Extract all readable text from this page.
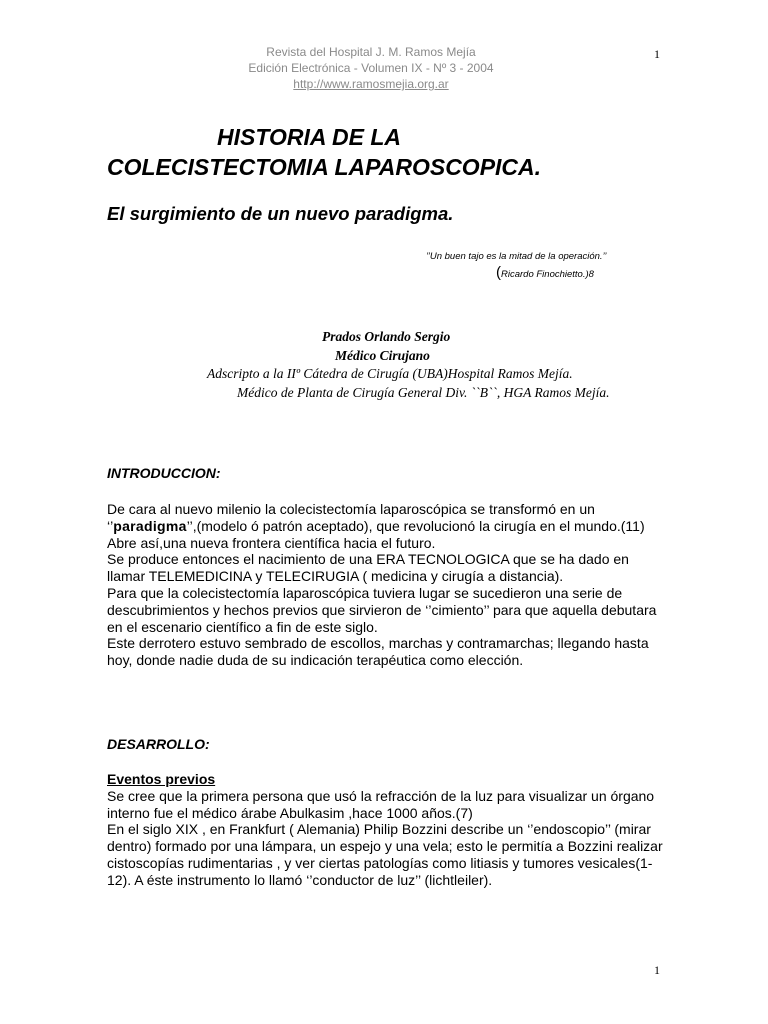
Revista del Hospital J. M. Ramos Mejía
Edición Electrónica - Volumen IX - Nº 3 - 2004
http://www.ramosmejia.org.ar
1
HISTORIA DE LA
COLECISTECTOMIA LAPAROSCOPICA.
El surgimiento de un nuevo paradigma.
’’Un buen tajo es la mitad de la operación.’’
(Ricardo Finochietto.)8
Prados Orlando Sergio
Médico Cirujano
Adscripto a la IIº Cátedra de Cirugía (UBA)Hospital Ramos Mejía.
Médico de Planta de Cirugía General Div. ``B``, HGA Ramos Mejía.
INTRODUCCION:

De cara al nuevo milenio la colecistectomía laparoscópica se transformó en un ‘’paradigma’’,(modelo ó patrón aceptado), que revolucionó la cirugía en el mundo.(11)

Abre así,una nueva frontera científica hacia el futuro.

Se produce entonces el nacimiento de una ERA TECNOLOGICA que se ha dado en llamar TELEMEDICINA y TELECIRUGIA ( medicina y cirugía a distancia).

Para que la colecistectomía laparoscópica tuviera lugar se sucedieron una serie de descubrimientos y hechos previos que sirvieron de ‘’cimiento’’ para que aquella debutara en el escenario científico a fin de este siglo.

Este derrotero estuvo sembrado de escollos, marchas y contramarchas; llegando hasta hoy, donde nadie duda de su indicación terapéutica como elección.

DESARROLLO:

Eventos previos

Se cree que la primera persona que usó la refracción de la luz para visualizar un órgano interno fue el médico árabe Abulkasim ,hace 1000 años.(7)

En el siglo XIX , en Frankfurt ( Alemania) Philip Bozzini describe un ‘’endoscopio’’ (mirar dentro) formado por una lámpara, un espejo y una vela; esto le permitía a Bozzini realizar cistoscopías rudimentarias , y ver ciertas patologías como litiasis y tumores vesicales(1-12). A éste instrumento lo llamó ‘’conductor de luz’’ (lichtleiler).

1
